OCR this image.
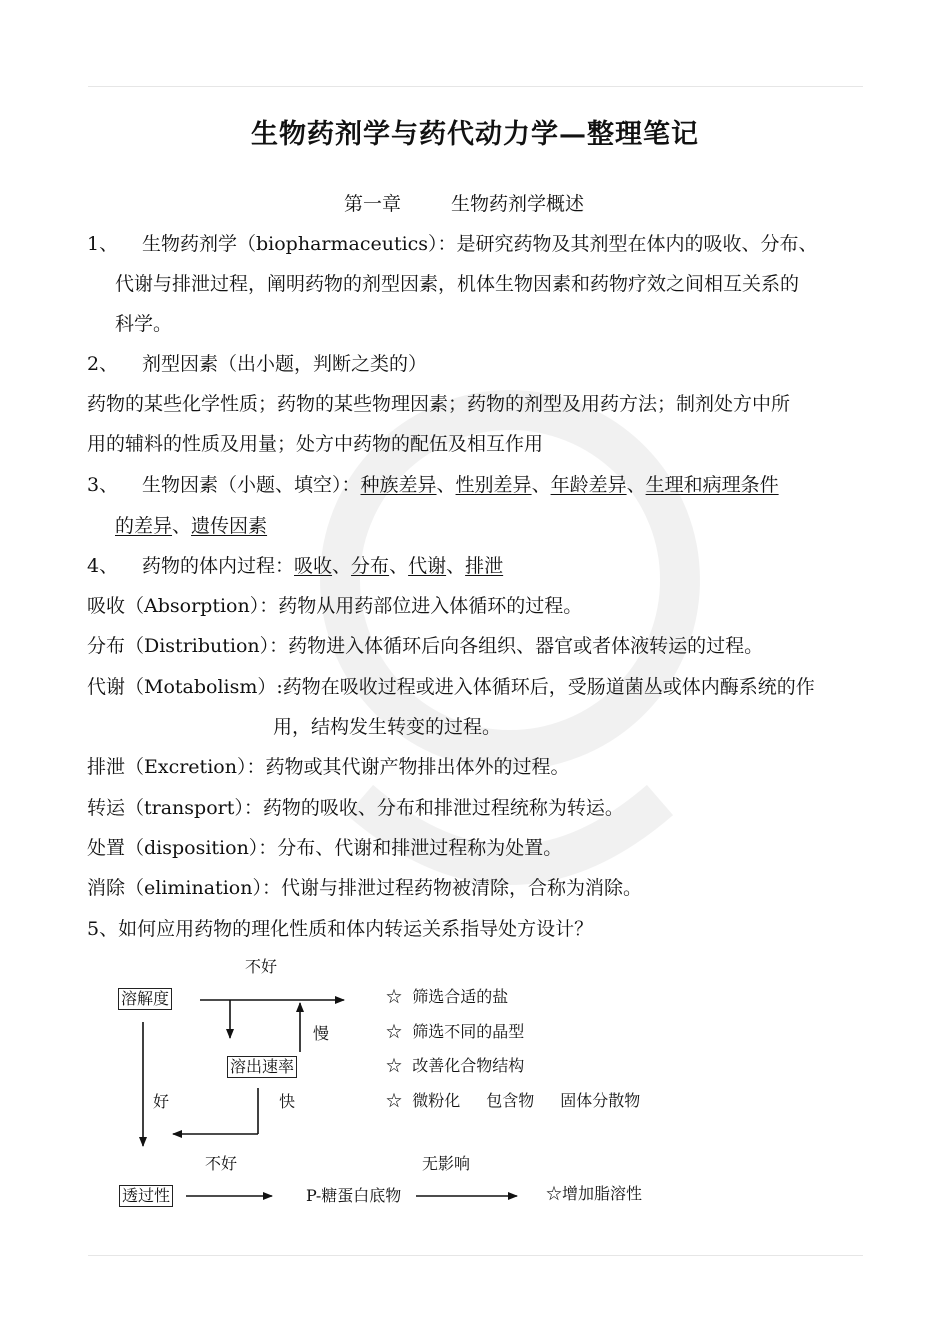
生物药剂学与药代动力学—整理笔记
第一章	生物药剂学概述
1、 生物药剂学（biopharmaceutics）：是研究药物及其剂型在体内的吸收、分布、
代谢与排泄过程，阐明药物的剂型因素，机体生物因素和药物疗效之间相互关系的
科学。
2、 剂型因素（出小题，判断之类的）
药物的某些化学性质；药物的某些物理因素；药物的剂型及用药方法；制剂处方中所
用的辅料的性质及用量；处方中药物的配伍及相互作用
3、 生物因素（小题、填空）：种族差异、性别差异、年龄差异、生理和病理条件
的差异、遗传因素
4、 药物的体内过程：吸收、分布、代谢、排泄
吸收（Absorption）：药物从用药部位进入体循环的过程。
分布（Distribution）：药物进入体循环后向各组织、器官或者体液转运的过程。
代谢（Motabolism）:药物在吸收过程或进入体循环后，受肠道菌丛或体内酶系统的作
用，结构发生转变的过程。
排泄（Excretion）：药物或其代谢产物排出体外的过程。
转运（transport）：药物的吸收、分布和排泄过程统称为转运。
处置（disposition）：分布、代谢和排泄过程称为处置。
消除（elimination）：代谢与排泄过程药物被清除，合称为消除。
5、如何应用药物的理化性质和体内转运关系指导处方设计？
不好
溶解度
慢
溶出速率
好	快
不好	无影响
透过性	P-糖蛋白底物
☆ 筛选合适的盐
☆ 筛选不同的晶型
☆ 改善化合物结构
☆ 微粉化 包含物 固体分散物
☆增加脂溶性
